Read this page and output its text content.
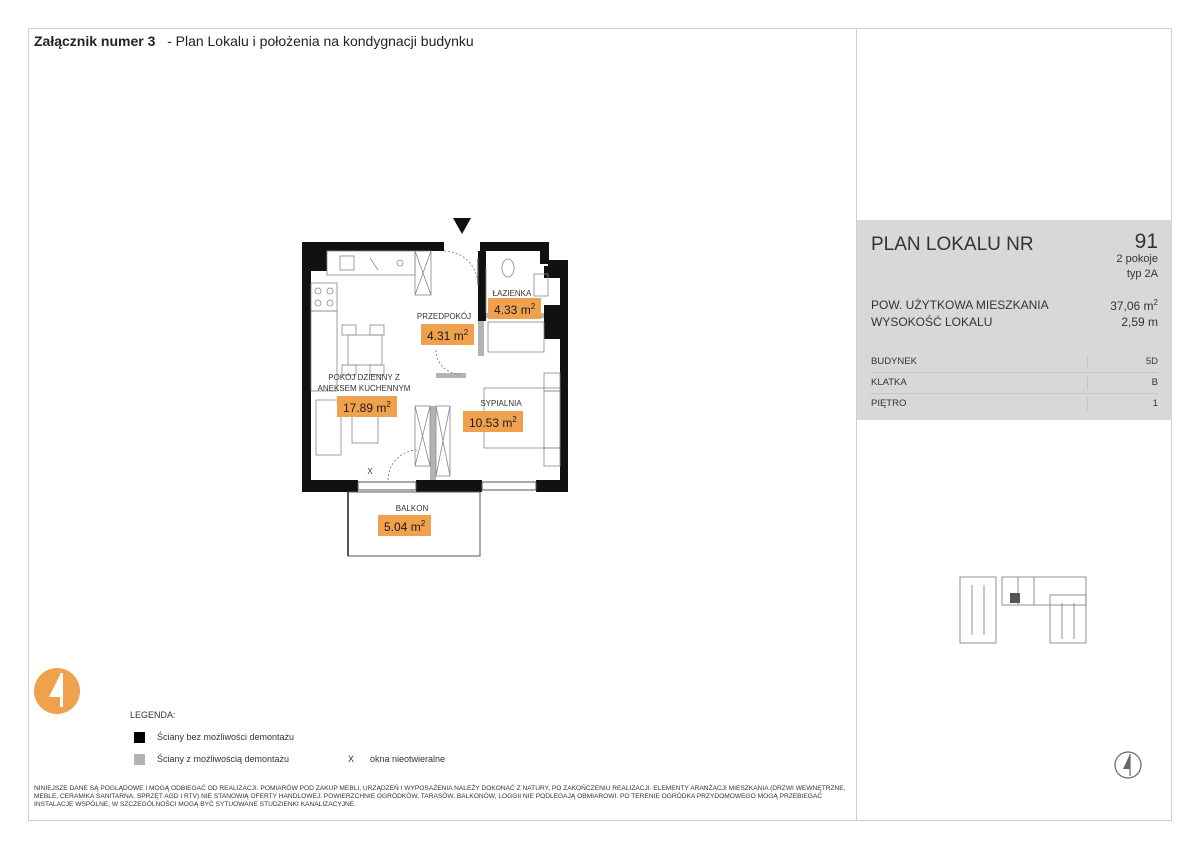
Załącznik numer 3 - Plan Lokalu i położenia na kondygnacji budynku
ŁAZIENKA
4.33 $m^2$
PRZEDPOKÓJ
4.31 $m^2$
POKÓJ DZIENNY Z
ANEKSEM KUCHENNYM
17.89 $m^2$
X
SYPIALNIA
10.53 $m^2$
BALKON
5.04 $m^2$
PLAN LOKALU NR	91
2 pokoje
typ 2A
POW. UŻYTKOWA MIESZKANIA	37,06 $m^2$
WYSOKOŚĆ LOKALU	2,59 m
BUDYNEK	5D
KLATKA	B
PIĘTRO	1
LEGENDA:
Ściany bez możliwości demontażu
Ściany z możliwością demontażu	X okna nieotwieralne
NINIEJSZE DANE SĄ POGLĄDOWE I MOGĄ ODBIEGAĆ OD REALIZACJI. POMIARÓW POD ZAKUP MEBLI, URZĄDZEŃ I WYPOSAŻENIA NALEŻY DOKONAĆ Z NATURY, PO ZAKOŃCZENIU REALIZACJI. ELEMENTY ARANŻACJI MIESZKANIA (DRZWI WEWNĘTRZNE, MEBLE, CERAMIKA SANITARNA, SPRZĘT AGD I RTV) NIE STANOWIĄ OFERTY HANDLOWEJ. POWIERZCHNIE OGRÓDKÓW, TARASÓW, BALKONÓW, LOGGII NIE PODLEGAJĄ OBMIAROWI. PO TERENIE OGRÓDKA PRZYDOMOWEGO MOGĄ PRZEBIEGAĆ INSTALACJE WSPÓLNE, W SZCZEGÓLNOŚCI MOGĄ BYĆ SYTUOWANE STUDZIENKI KANALIZACYJNE.
